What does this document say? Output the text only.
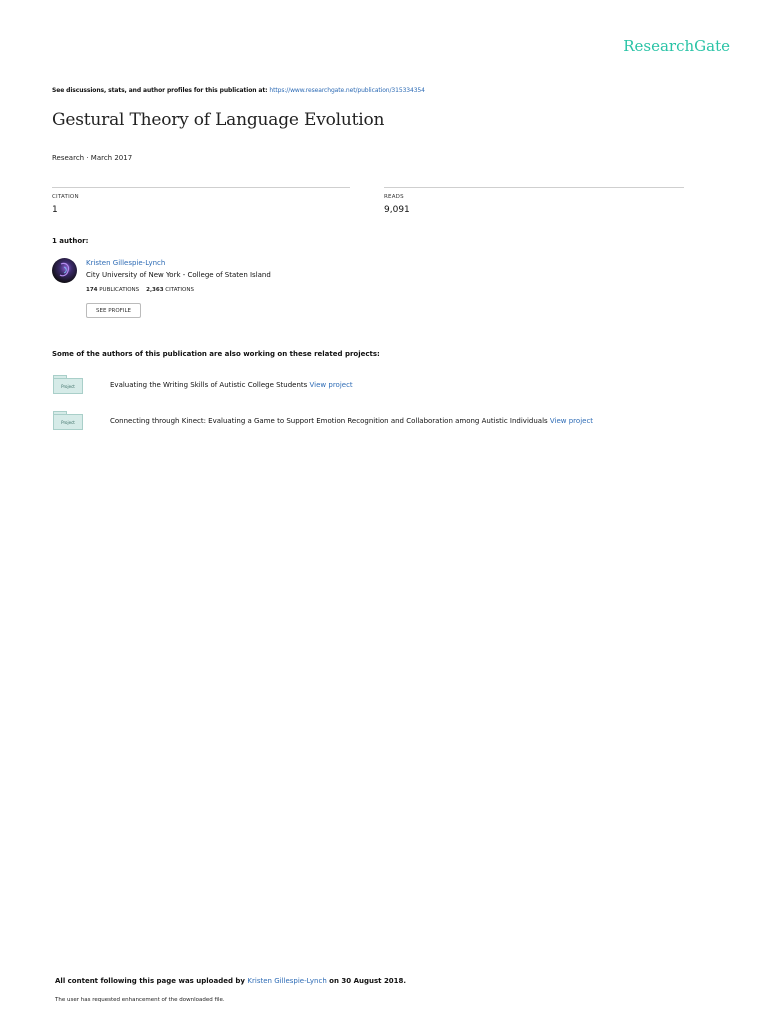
ResearchGate
See discussions, stats, and author profiles for this publication at: https://www.researchgate.net/publication/315334354
Gestural Theory of Language Evolution
Research · March 2017
CITATION
1
READS
9,091
1 author:
Kristen Gillespie-Lynch
City University of New York - College of Staten Island
174 PUBLICATIONS 2,363 CITATIONS
SEE PROFILE
Some of the authors of this publication are also working on these related projects:
Project	Evaluating the Writing Skills of Autistic College Students View project
Project	Connecting through Kinect: Evaluating a Game to Support Emotion Recognition and Collaboration among Autistic Individuals View project
All content following this page was uploaded by Kristen Gillespie-Lynch on 30 August 2018.
The user has requested enhancement of the downloaded file.
